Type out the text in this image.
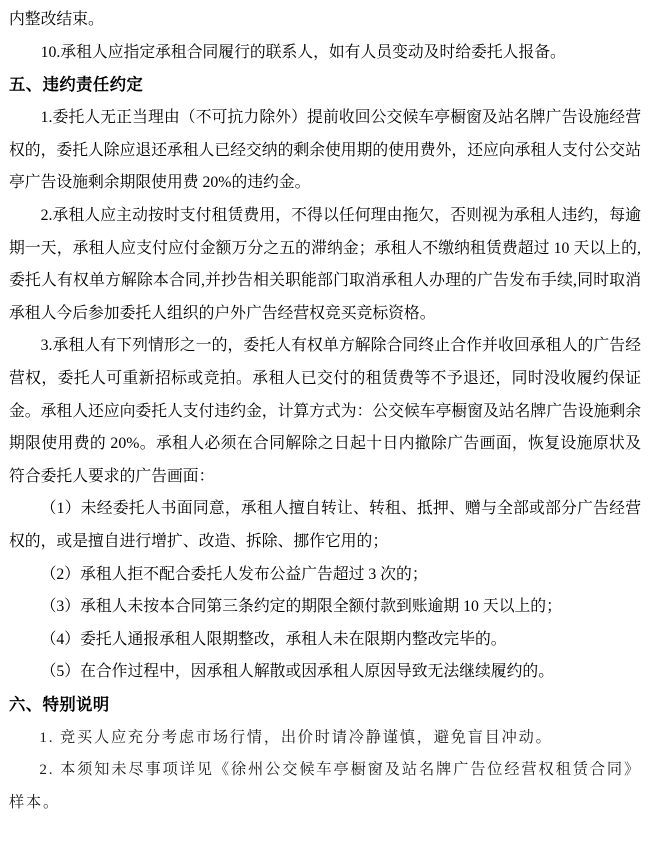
内整改结束。

10.承租人应指定承租合同履行的联系人，如有人员变动及时给委托人报备。

五、违约责任约定

1.委托人无正当理由（不可抗力除外）提前收回公交候车亭橱窗及站名牌广告设施经营权的，委托人除应退还承租人已经交纳的剩余使用期的使用费外，还应向承租人支付公交站亭广告设施剩余期限使用费 20%的违约金。

2.承租人应主动按时支付租赁费用，不得以任何理由拖欠，否则视为承租人违约，每逾期一天，承租人应支付应付金额万分之五的滞纳金；承租人不缴纳租赁费超过 10 天以上的,委托人有权单方解除本合同,并抄告相关职能部门取消承租人办理的广告发布手续,同时取消承租人今后参加委托人组织的户外广告经营权竞买竞标资格。

3.承租人有下列情形之一的，委托人有权单方解除合同终止合作并收回承租人的广告经营权，委托人可重新招标或竞拍。承租人已交付的租赁费等不予退还，同时没收履约保证金。承租人还应向委托人支付违约金，计算方式为：公交候车亭橱窗及站名牌广告设施剩余期限使用费的 20%。承租人必须在合同解除之日起十日内撤除广告画面，恢复设施原状及符合委托人要求的广告画面：

（1）未经委托人书面同意，承租人擅自转让、转租、抵押、赠与全部或部分广告经营权的，或是擅自进行增扩、改造、拆除、挪作它用的；

（2）承租人拒不配合委托人发布公益广告超过 3 次的；

（3）承租人未按本合同第三条约定的期限全额付款到账逾期 10 天以上的；

（4）委托人通报承租人限期整改，承租人未在限期内整改完毕的。

（5）在合作过程中，因承租人解散或因承租人原因导致无法继续履约的。

六、特别说明

1. 竞买人应充分考虑市场行情，出价时请冷静谨慎，避免盲目冲动。

2. 本须知未尽事项详见《徐州公交候车亭橱窗及站名牌广告位经营权租赁合同》样本。
